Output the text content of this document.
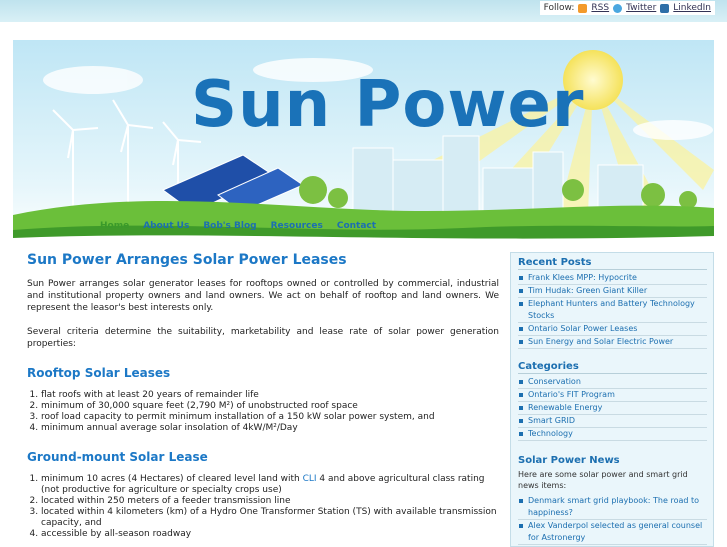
Follow: RSS Twitter LinkedIn
Sun Power
Home About Us Bob's Blog Resources Contact
Sun Power Arranges Solar Power Leases

Sun Power arranges solar generator leases for rooftops owned or controlled by commercial, industrial and institutional property owners and land owners. We act on behalf of rooftop and land owners. We represent the leasor's best interests only.

Several criteria determine the suitability, marketability and lease rate of solar power generation properties:

Rooftop Solar Leases
1. flat roofs with at least 20 years of remainder life
2. minimum of 30,000 square feet (2,790 M²) of unobstructed roof space
3. roof load capacity to permit minimum installation of a 150 kW solar power system, and
4. minimum annual average solar insolation of 4kW/M²/Day
Ground-mount Solar Lease
1. minimum 10 acres (4 Hectares) of cleared level land with CLI 4 and above agricultural class rating (not productive for agriculture or specialty crops use)
2. located within 250 meters of a feeder transmission line
3. located within 4 kilometers (km) of a Hydro One Transformer Station (TS) with available transmission capacity, and
4. accessible by all-season roadway
Recent Posts
Frank Klees MPP: Hypocrite
Tim Hudak: Green Giant Killer
Elephant Hunters and Battery Technology Stocks
Ontario Solar Power Leases
Sun Energy and Solar Electric Power
Categories
Conservation
Ontario's FIT Program
Renewable Energy
Smart GRID
Technology
Solar Power News

Here are some solar power and smart grid news items:

Denmark smart grid playbook: The road to happiness?
Alex Vanderpol selected as general counsel for Astronergy
